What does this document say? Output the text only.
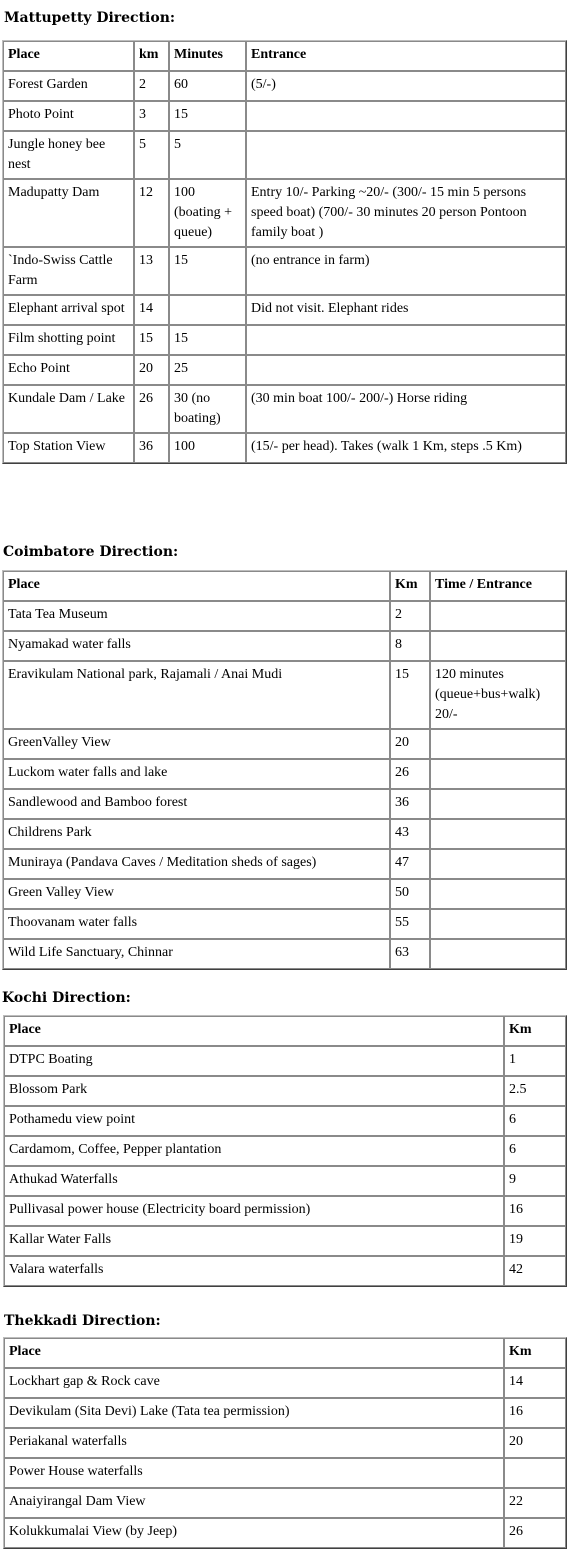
Mattupetty Direction:
Place	km	Minutes	Entrance
Forest Garden	2	60	(5/-)
Photo Point	3	15	
Jungle honey bee nest	5	5	
Madupatty Dam	12	100 (boating + queue)	Entry 10/- Parking ~20/- (300/- 15 min 5 persons speed boat) (700/- 30 minutes 20 person Pontoon family boat )
`Indo-Swiss Cattle Farm	13	15	(no entrance in farm)
Elephant arrival spot	14		Did not visit. Elephant rides
Film shotting point	15	15	
Echo Point	20	25	
Kundale Dam / Lake	26	30 (no boating)	(30 min boat 100/- 200/-) Horse riding
Top Station View	36	100	(15/- per head). Takes (walk 1 Km, steps .5 Km)
Coimbatore Direction:
Place	Km	Time / Entrance
Tata Tea Museum	2	
Nyamakad water falls	8	
Eravikulam National park, Rajamali / Anai Mudi	15	120 minutes (queue+bus+walk) 20/-
GreenValley View	20	
Luckom water falls and lake	26	
Sandlewood and Bamboo forest	36	
Childrens Park	43	
Muniraya (Pandava Caves / Meditation sheds of sages)	47	
Green Valley View	50	
Thoovanam water falls	55	
Wild Life Sanctuary, Chinnar	63	
Kochi Direction:
Place	Km
DTPC Boating	1
Blossom Park	2.5
Pothamedu view point	6
Cardamom, Coffee, Pepper plantation	6
Athukad Waterfalls	9
Pullivasal power house (Electricity board permission)	16
Kallar Water Falls	19
Valara waterfalls	42
Thekkadi Direction:
Place	Km
Lockhart gap & Rock cave	14
Devikulam (Sita Devi) Lake (Tata tea permission)	16
Periakanal waterfalls	20
Power House waterfalls	
Anaiyirangal Dam View	22
Kolukkumalai View (by Jeep)	26
